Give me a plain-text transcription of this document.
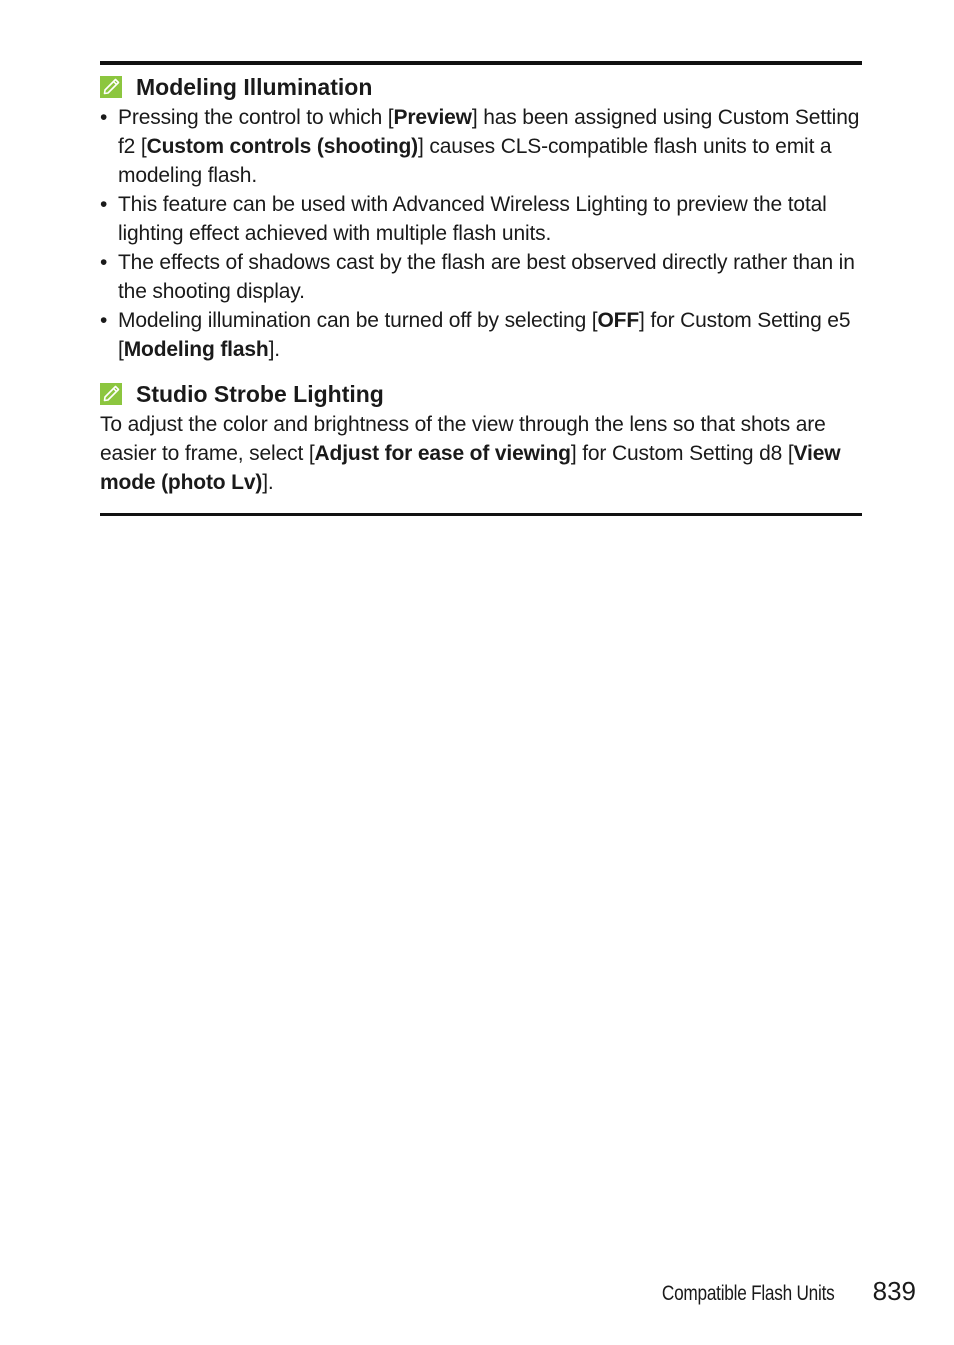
Modeling Illumination
• Pressing the control to which [Preview] has been assigned using Custom Setting f2 [Custom controls (shooting)] causes CLS-compatible flash units to emit a modeling flash.
• This feature can be used with Advanced Wireless Lighting to preview the total lighting effect achieved with multiple flash units.
• The effects of shadows cast by the flash are best observed directly rather than in the shooting display.
• Modeling illumination can be turned off by selecting [OFF] for Custom Setting e5 [Modeling flash].
Studio Strobe Lighting

To adjust the color and brightness of the view through the lens so that shots are easier to frame, select [Adjust for ease of viewing] for Custom Setting d8 [View mode (photo Lv)].

Compatible Flash Units 839
